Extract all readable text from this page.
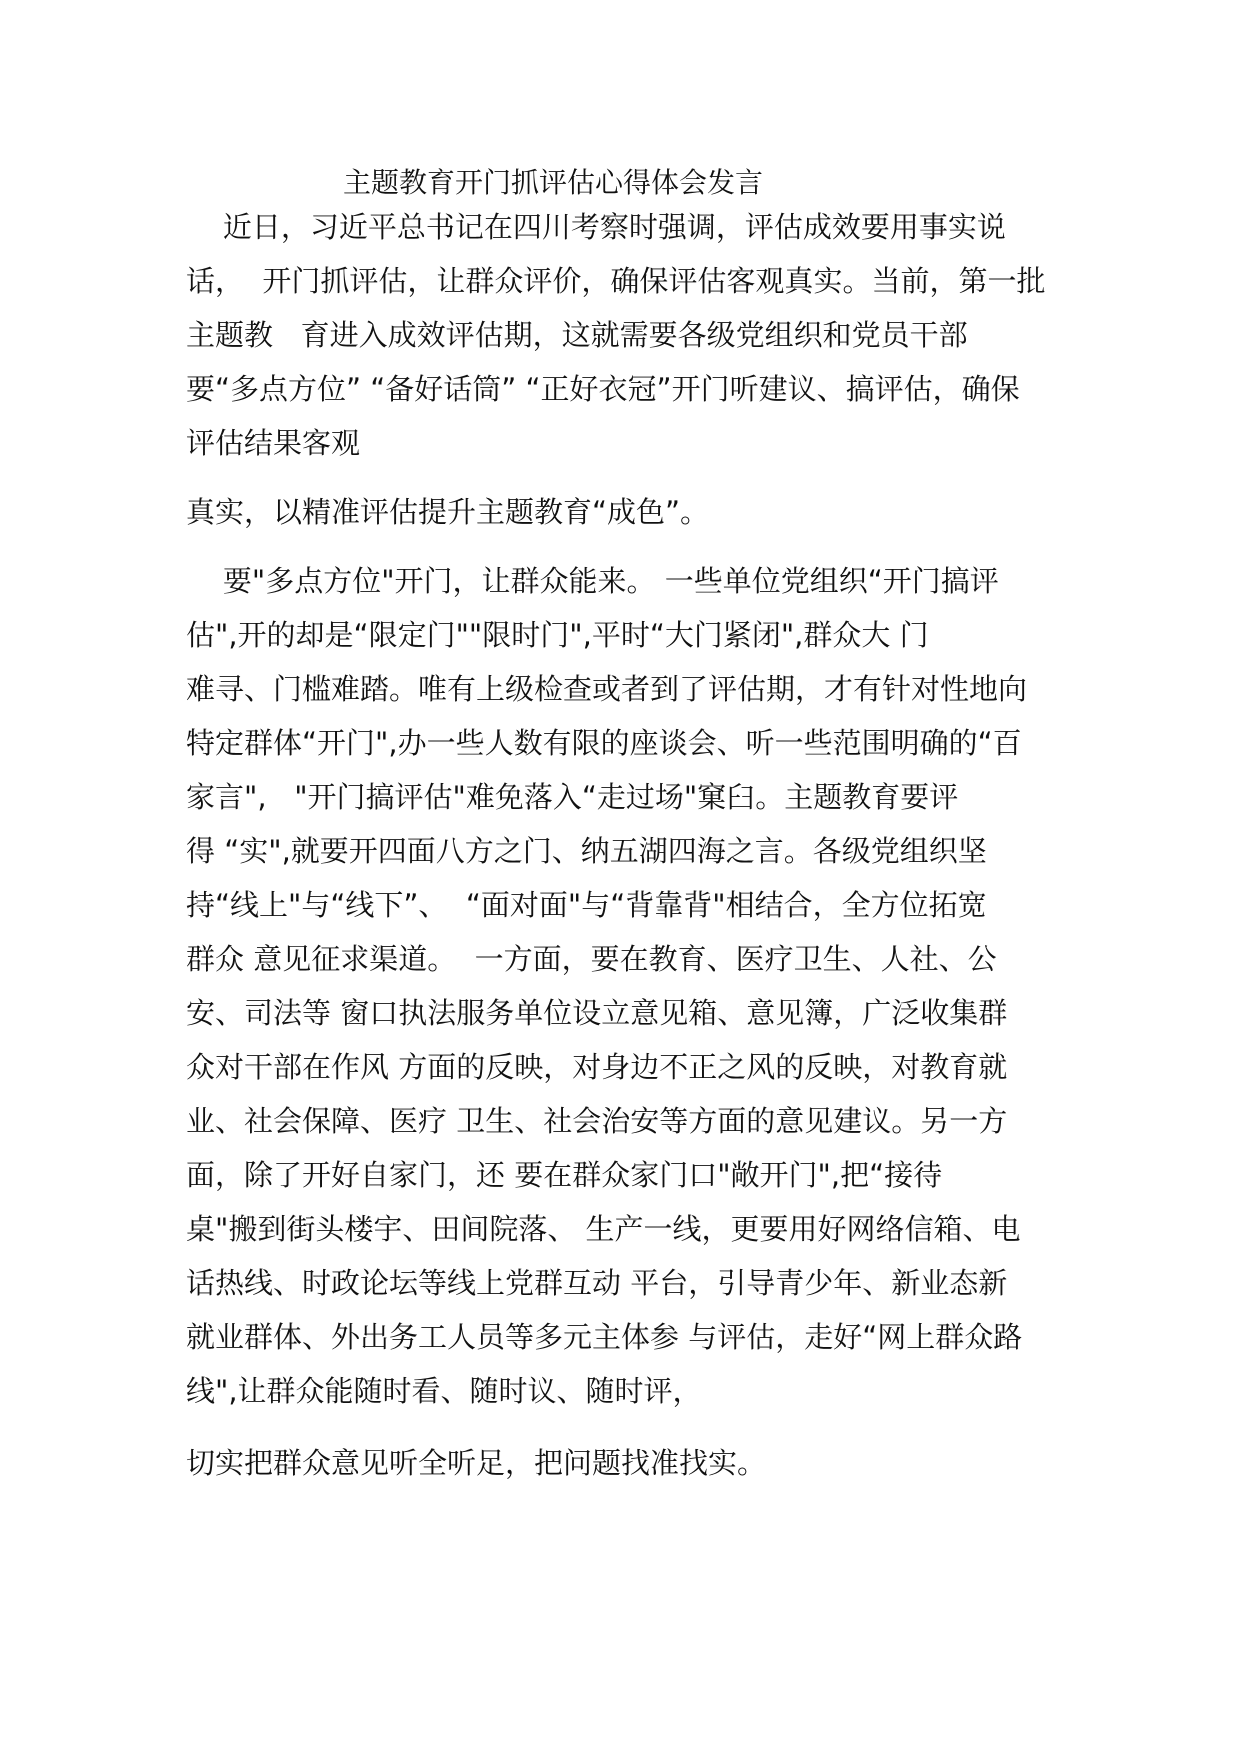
主题教育开门抓评估心得体会发言

近日，习近平总书记在四川考察时强调，评估成效要用事实说

话，  开门抓评估，让群众评价，确保评估客观真实。当前，第一批

主题教   育进入成效评估期，这就需要各级党组织和党员干部

要“多点方位” “备好话筒” “正好衣冠”开门听建议、搞评估，确保

评估结果客观

真实，以精准评估提升主题教育“成色”。

要"多点方位"开门，让群众能来。 一些单位党组织“开门搞评

估",开的却是“限定门""限时门",平时“大门紧闭",群众大 门

难寻、门槛难踏。唯有上级检查或者到了评估期，才有针对性地向

特定群体“开门",办一些人数有限的座谈会、听一些范围明确的“百

家言",   "开门搞评估"难免落入“走过场"窠臼。主题教育要评

得 “实",就要开四面八方之门、纳五湖四海之言。各级党组织坚

持“线上"与“线下”、  “面对面"与“背靠背"相结合，全方位拓宽

群众 意见征求渠道。  一方面，要在教育、医疗卫生、人社、公

安、司法等 窗口执法服务单位设立意见箱、意见簿，广泛收集群

众对干部在作风 方面的反映，对身边不正之风的反映，对教育就

业、社会保障、医疗 卫生、社会治安等方面的意见建议。另一方

面，除了开好自家门，还 要在群众家门口"敞开门",把“接待

桌"搬到街头楼宇、田间院落、 生产一线，更要用好网络信箱、电

话热线、时政论坛等线上党群互动 平台，引导青少年、新业态新

就业群体、外出务工人员等多元主体参 与评估，走好“网上群众路

线",让群众能随时看、随时议、随时评，

切实把群众意见听全听足，把问题找准找实。
